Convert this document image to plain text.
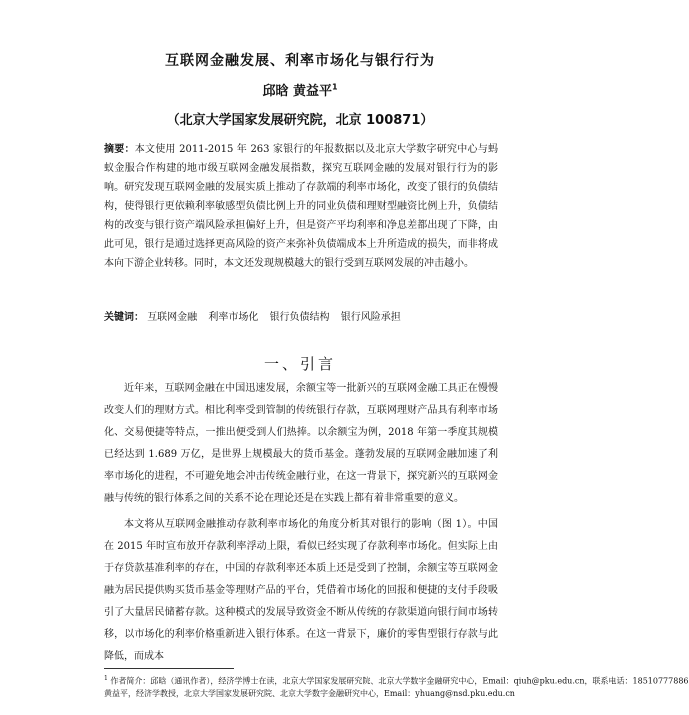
互联网金融发展、利率市场化与银行行为
邱晗 黄益平$^1$
（北京大学国家发展研究院，北京 100871）
摘要：本文使用 2011-2015 年 263 家银行的年报数据以及北京大学数字研究中心与蚂蚁金服合作构建的地市级互联网金融发展指数，探究互联网金融的发展对银行行为的影响。研究发现互联网金融的发展实质上推动了存款端的利率市场化，改变了银行的负债结构，使得银行更依赖利率敏感型负债比例上升的同业负债和理财型融资比例上升，负债结构的改变与银行资产端风险承担偏好上升，但是资产平均利率和净息差都出现了下降，由此可见，银行是通过选择更高风险的资产来弥补负债端成本上升所造成的损失，而非将成本向下游企业转移。同时，本文还发现规模越大的银行受到互联网发展的冲击越小。
关键词： 互联网金融 利率市场化 银行负债结构 银行风险承担
一、引言

近年来，互联网金融在中国迅速发展，余额宝等一批新兴的互联网金融工具正在慢慢改变人们的理财方式。相比利率受到管制的传统银行存款，互联网理财产品具有利率市场化、交易便捷等特点，一推出便受到人们热捧。以余额宝为例，2018 年第一季度其规模已经达到 1.689 万亿，是世界上规模最大的货币基金。蓬勃发展的互联网金融加速了利率市场化的进程，不可避免地会冲击传统金融行业，在这一背景下，探究新兴的互联网金融与传统的银行体系之间的关系不论在理论还是在实践上都有着非常重要的意义。

本文将从互联网金融推动存款利率市场化的角度分析其对银行的影响（图 1）。中国在 2015 年时宣布放开存款利率浮动上限，看似已经实现了存款利率市场化。但实际上由于存贷款基准利率的存在，中国的存款利率还本质上还是受到了控制，余额宝等互联网金融为居民提供购买货币基金等理财产品的平台，凭借着市场化的回报和便捷的支付手段吸引了大量居民储蓄存款。这种模式的发展导致资金不断从传统的存款渠道向银行间市场转移，以市场化的利率价格重新进入银行体系。在这一背景下，廉价的零售型银行存款与此降低，而成本

$^1$ 作者简介：邱晗（通讯作者），经济学博士在读，北京大学国家发展研究院、北京大学数字金融研究中心，Email：qiuh@pku.edu.cn，联系电话：18510777886

黄益平，经济学教授，北京大学国家发展研究院、北京大学数字金融研究中心，Email：yhuang@nsd.pku.edu.cn
